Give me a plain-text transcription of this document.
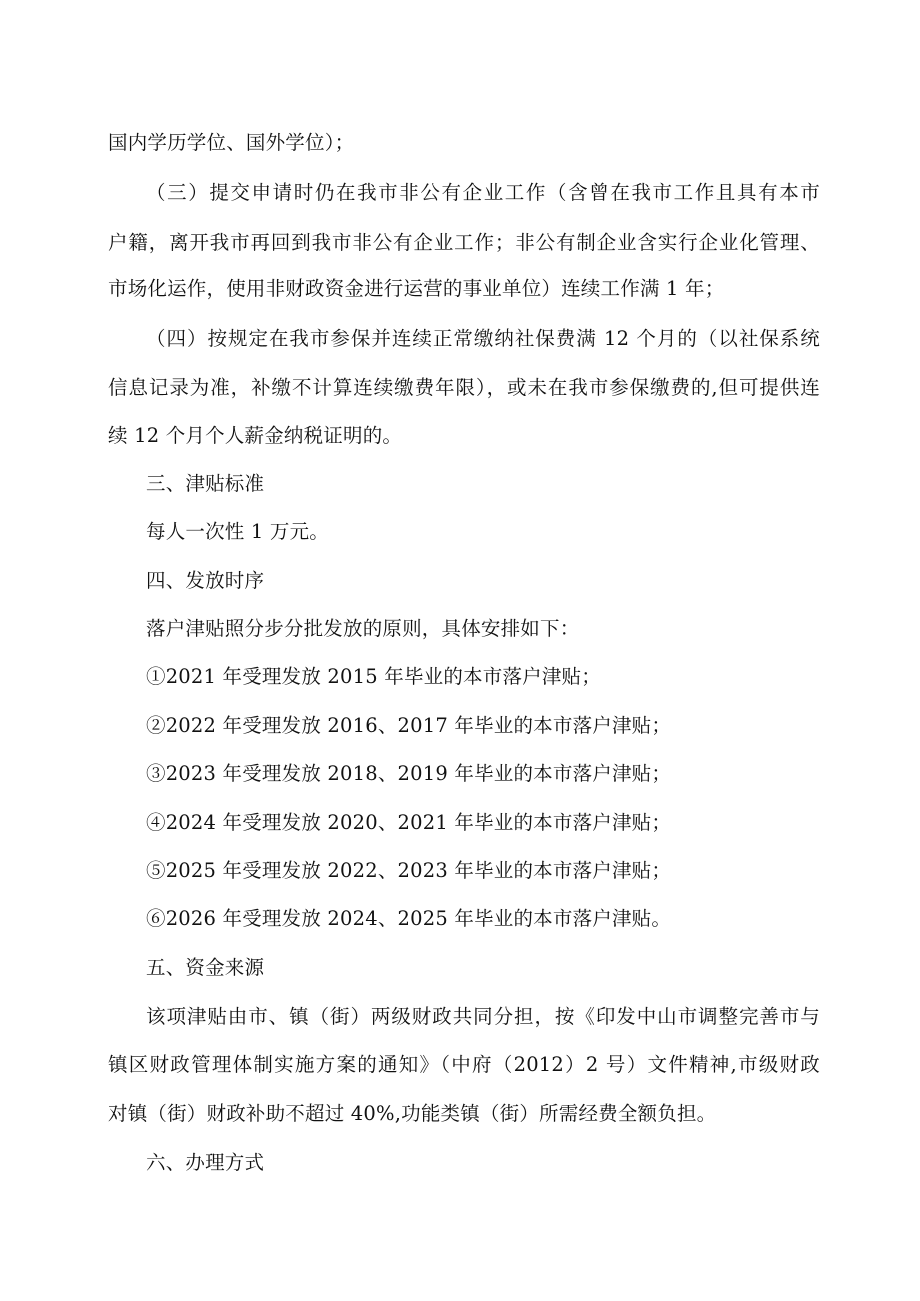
国内学历学位、国外学位）；
（三）提交申请时仍在我市非公有企业工作（含曾在我市工作且具有本市
户籍，离开我市再回到我市非公有企业工作；非公有制企业含实行企业化管理、
市场化运作，使用非财政资金进行运营的事业单位）连续工作满 1 年；
（四）按规定在我市参保并连续正常缴纳社保费满 12 个月的（以社保系统
信息记录为准，补缴不计算连续缴费年限），或未在我市参保缴费的,但可提供连
续 12 个月个人薪金纳税证明的。
三、津贴标准
每人一次性 1 万元。
四、发放时序
落户津贴照分步分批发放的原则，具体安排如下：
①2021 年受理发放 2015 年毕业的本市落户津贴；
②2022 年受理发放 2016、2017 年毕业的本市落户津贴；
③2023 年受理发放 2018、2019 年毕业的本市落户津贴；
④2024 年受理发放 2020、2021 年毕业的本市落户津贴；
⑤2025 年受理发放 2022、2023 年毕业的本市落户津贴；
⑥2026 年受理发放 2024、2025 年毕业的本市落户津贴。
五、资金来源
该项津贴由市、镇（街）两级财政共同分担，按《印发中山市调整完善市与
镇区财政管理体制实施方案的通知》（中府（2012）2 号）文件精神,市级财政
对镇（街）财政补助不超过 40%,功能类镇（街）所需经费全额负担。
六、办理方式
